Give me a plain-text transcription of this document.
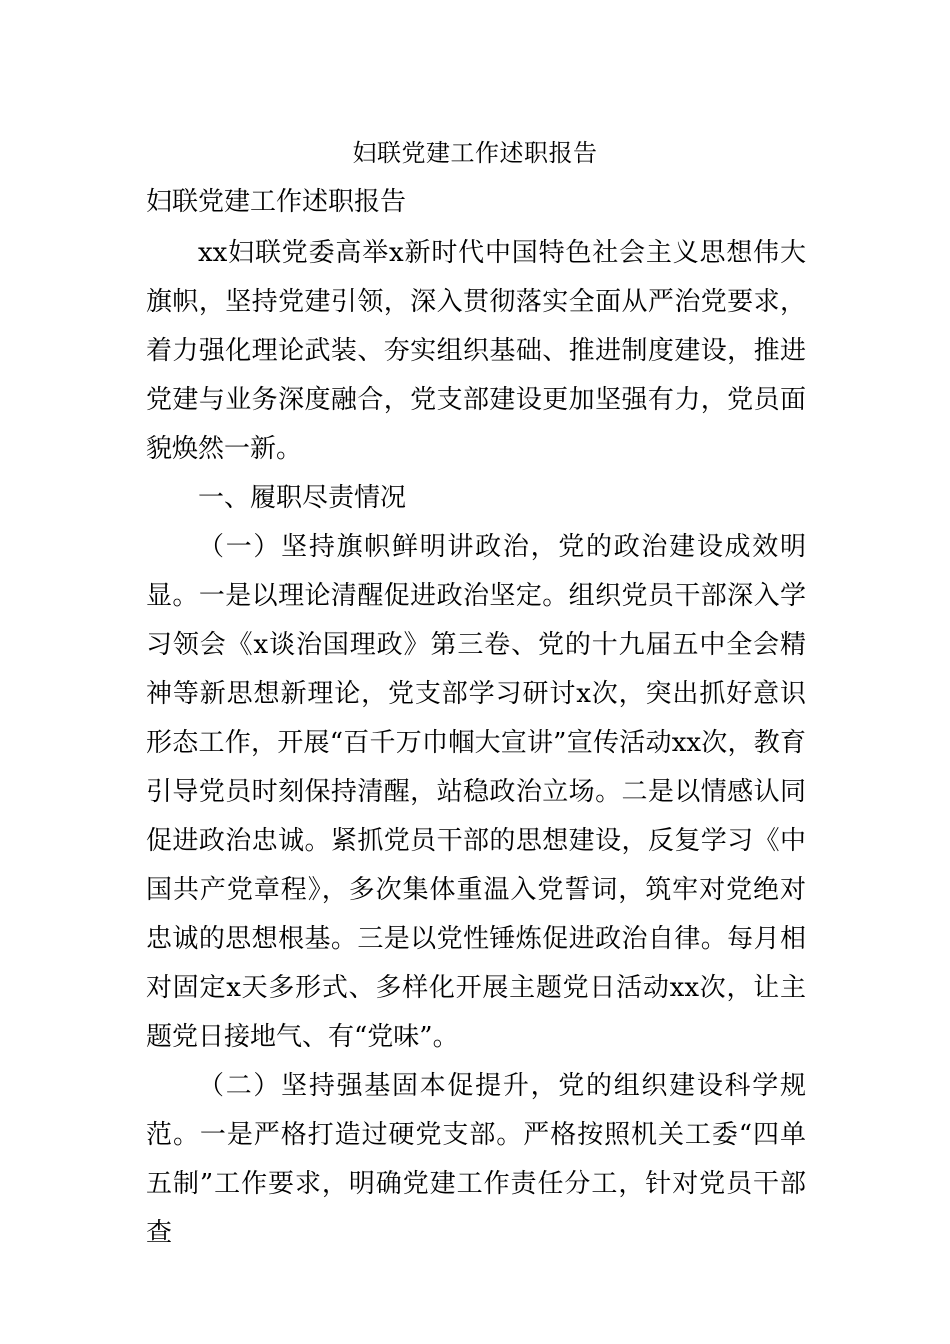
妇联党建工作述职报告

妇联党建工作述职报告

xx妇联党委高举x新时代中国特色社会主义思想伟大旗帜，坚持党建引领，深入贯彻落实全面从严治党要求，着力强化理论武装、夯实组织基础、推进制度建设，推进党建与业务深度融合，党支部建设更加坚强有力，党员面貌焕然一新。

一、履职尽责情况

（一）坚持旗帜鲜明讲政治，党的政治建设成效明显。一是以理论清醒促进政治坚定。组织党员干部深入学习领会《x谈治国理政》第三卷、党的十九届五中全会精神等新思想新理论，党支部学习研讨x次，突出抓好意识形态工作，开展“百千万巾帼大宣讲”宣传活动xx次，教育引导党员时刻保持清醒，站稳政治立场。二是以情感认同促进政治忠诚。紧抓党员干部的思想建设，反复学习《中国共产党章程》，多次集体重温入党誓词，筑牢对党绝对忠诚的思想根基。三是以党性锤炼促进政治自律。每月相对固定x天多形式、多样化开展主题党日活动xx次，让主题党日接地气、有“党味”。

（二）坚持强基固本促提升，党的组织建设科学规范。一是严格打造过硬党支部。严格按照机关工委“四单五制”工作要求，明确党建工作责任分工，针对党员干部查
